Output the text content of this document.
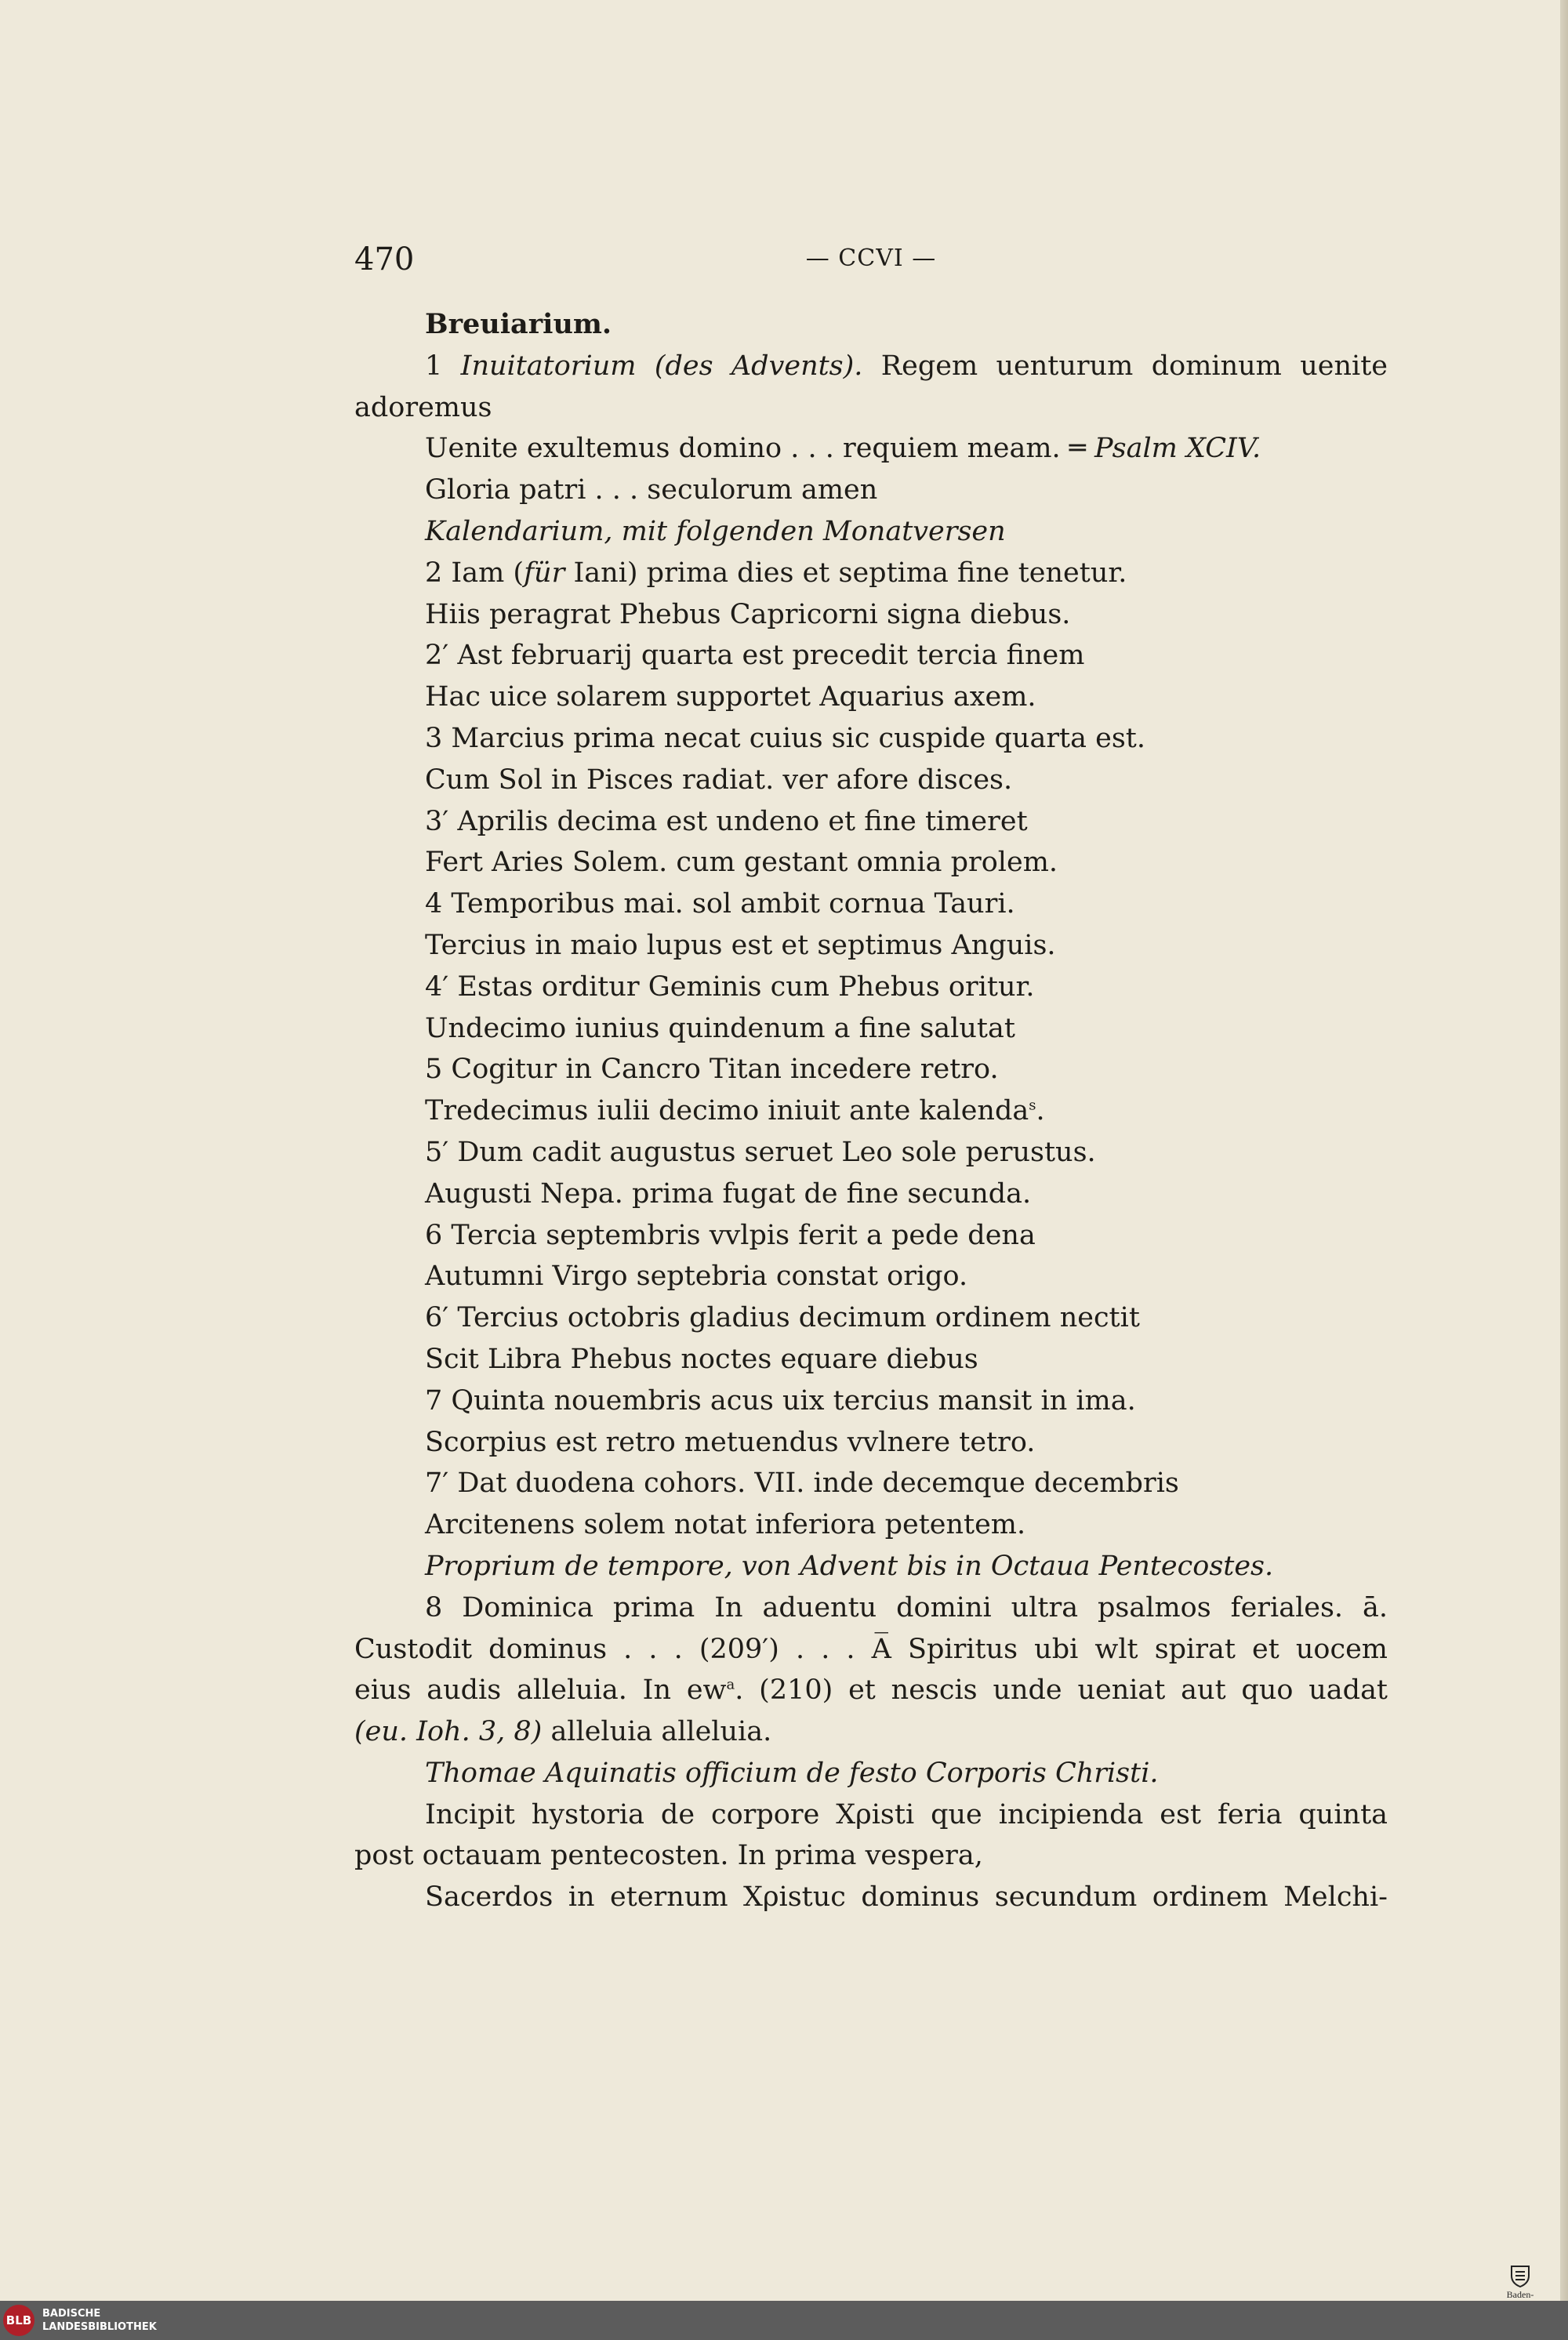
470	— CCVI —
Breuiarium.
1 Inuitatorium (des Advents). Regem uenturum dominum uenite
adoremus
Uenite exultemus domino . . . requiem meam. ═ Psalm XCIV.
Gloria patri . . . seculorum amen
Kalendarium, mit folgenden Monatversen
2 Iam (für Iani) prima dies et septima fine tenetur.
Hiis peragrat Phebus Capricorni signa diebus.
2′ Ast februarij quarta est precedit tercia finem
Hac uice solarem supportet Aquarius axem.
3 Marcius prima necat cuius sic cuspide quarta est.
Cum Sol in Pisces radiat. ver afore disces.
3′ Aprilis decima est undeno et fine timeret
Fert Aries Solem. cum gestant omnia prolem.
4 Temporibus mai. sol ambit cornua Tauri.
Tercius in maio lupus est et septimus Anguis.
4′ Estas orditur Geminis cum Phebus oritur.
Undecimo iunius quindenum a fine salutat
5 Cogitur in Cancro Titan incedere retro.
Tredecimus iulii decimo iniuit ante kalenda$^s$.
5′ Dum cadit augustus seruet Leo sole perustus.
Augusti Nepa. prima fugat de fine secunda.
6 Tercia septembris vvlpis ferit a pede dena
Autumni Virgo septebria constat origo.
6′ Tercius octobris gladius decimum ordinem nectit
Scit Libra Phebus noctes equare diebus
7 Quinta nouembris acus uix tercius mansit in ima.
Scorpius est retro metuendus vvlnere tetro.
7′ Dat duodena cohors. VII. inde decemque decembris
Arcitenens solem notat inferiora petentem.
Proprium de tempore, von Advent bis in Octaua Pentecostes.
8 Dominica prima In aduentu domini ultra psalmos feriales. ā.
Custodit dominus . . . (209′) . . . A̅ Spiritus ubi wlt spirat et uocem
eius audis alleluia. In $ew^a$. (210) et nescis unde ueniat aut quo uadat
(eu. Ioh. 3, 8) alleluia alleluia.
Thomae Aquinatis officium de festo Corporis Christi.
Incipit hystoria de corpore Xρisti que incipienda est feria quinta
post octauam pentecosten. In prima vespera,
Sacerdos in eternum Xρistuc dominus secundum ordinem Melchi-
Baden-
BLB BADISCHE
LANDESBIBLIOTHEK
